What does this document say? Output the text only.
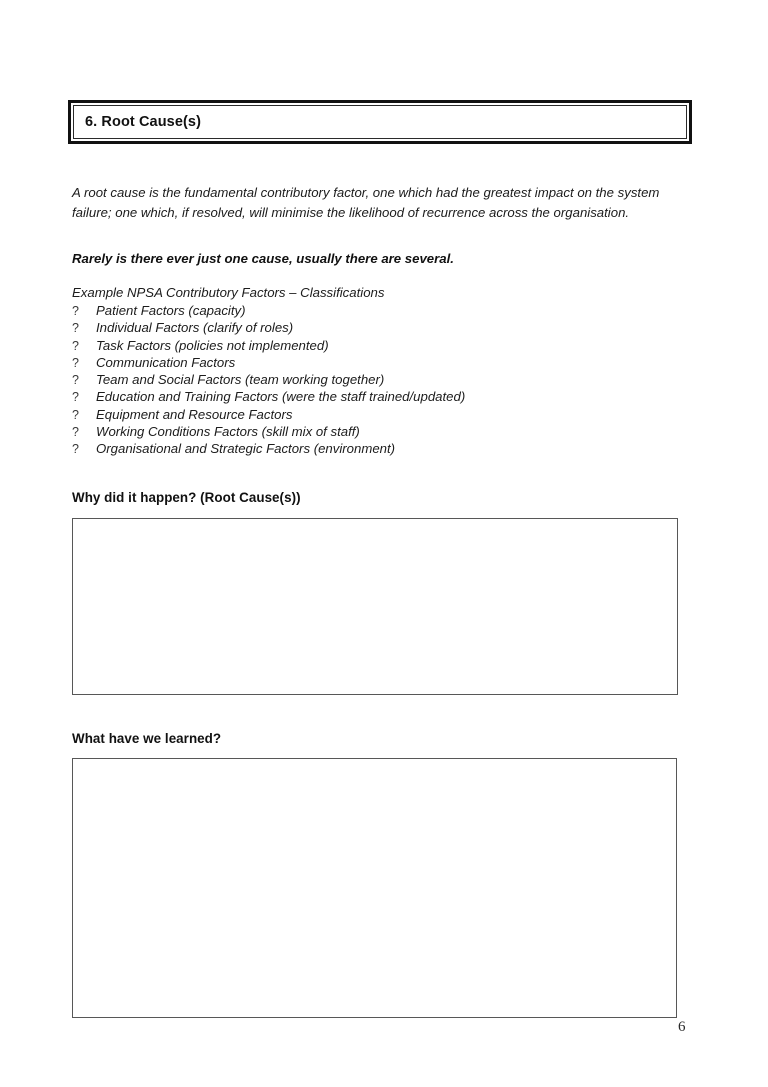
6. Root Cause(s)

A root cause is the fundamental contributory factor, one which had the greatest impact on the system failure; one which, if resolved, will minimise the likelihood of recurrence across the organisation.

Rarely is there ever just one cause, usually there are several.

Example NPSA Contributory Factors – Classifications

?	Patient Factors (capacity)
?	Individual Factors (clarify of roles)
?	Task Factors (policies not implemented)
?	Communication Factors
?	Team and Social Factors (team working together)
?	Education and Training Factors (were the staff trained/updated)
?	Equipment and Resource Factors
?	Working Conditions Factors (skill mix of staff)
?	Organisational and Strategic Factors (environment)
Why did it happen? (Root Cause(s))
What have we learned?
6
